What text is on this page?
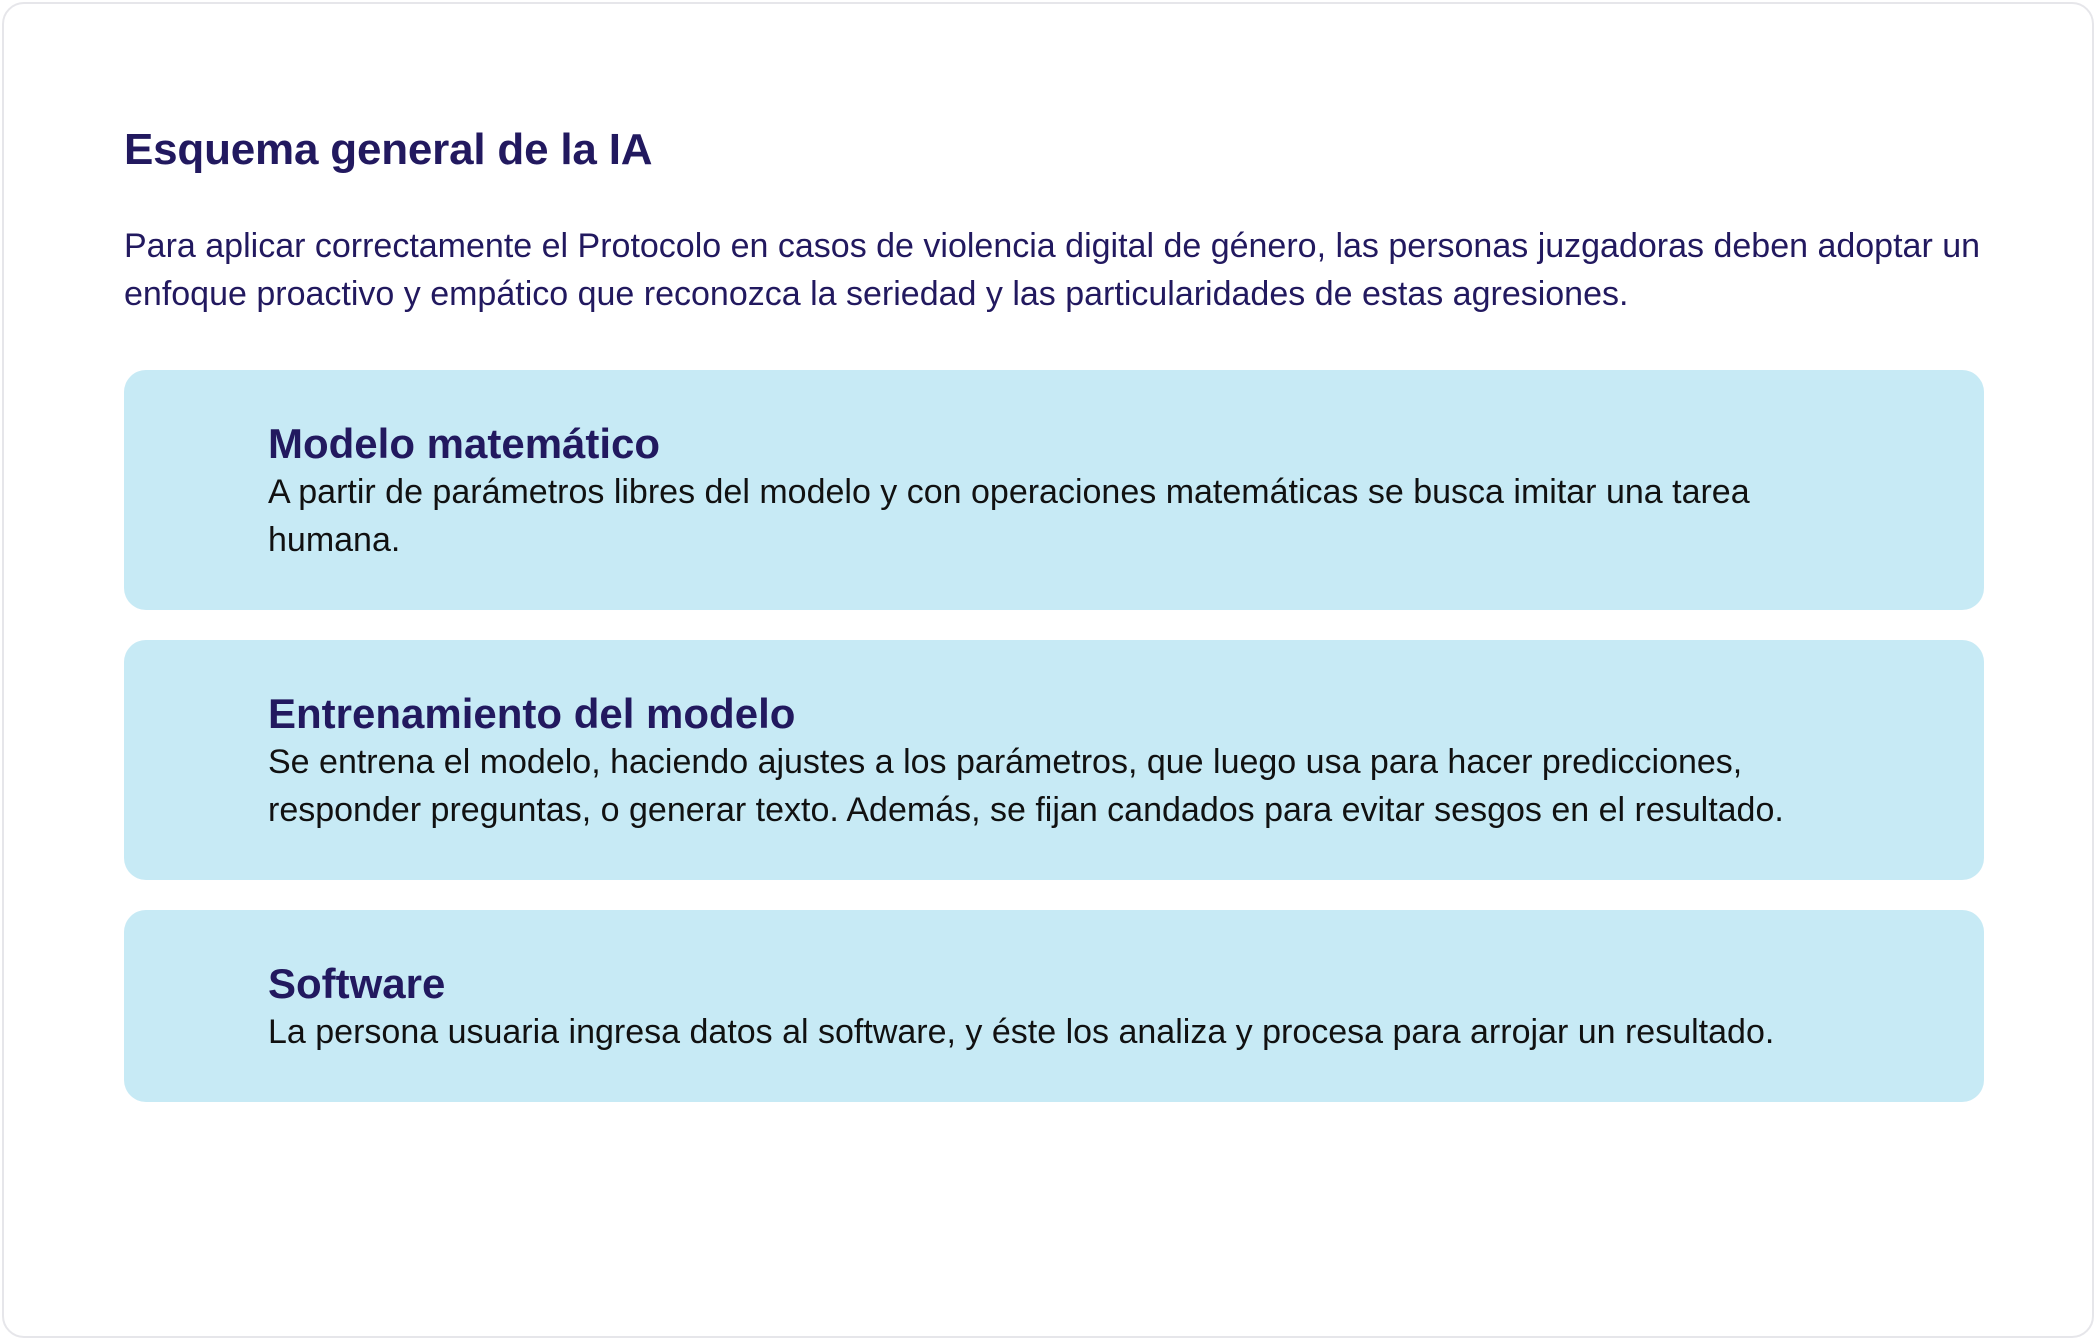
Esquema general de la IA
Para aplicar correctamente el Protocolo en casos de violencia digital de género, las personas juzgadoras deben adoptar un enfoque proactivo y empático que reconozca la seriedad y las particularidades de estas agresiones.
Modelo matemático
A partir de parámetros libres del modelo y con operaciones matemáticas se busca imitar una tarea humana.
Entrenamiento del modelo
Se entrena el modelo, haciendo ajustes a los parámetros, que luego usa para hacer predicciones, responder preguntas, o generar texto. Además, se fijan candados para evitar sesgos en el resultado.
Software
La persona usuaria ingresa datos al software, y éste los analiza y procesa para arrojar un resultado.
